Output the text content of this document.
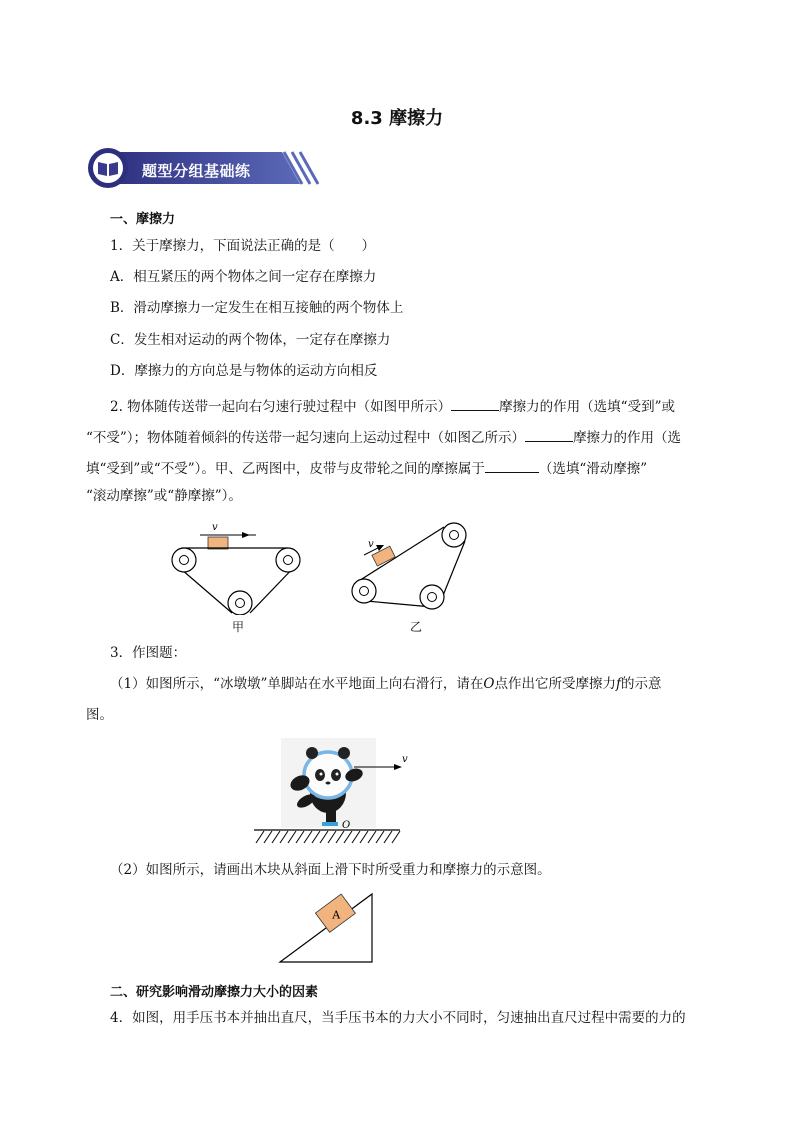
8.3 摩擦力
题型分组基础练
一、摩擦力
1．关于摩擦力，下面说法正确的是（　　）
A．相互紧压的两个物体之间一定存在摩擦力
B．滑动摩擦力一定发生在相互接触的两个物体上
C．发生相对运动的两个物体，一定存在摩擦力
D．摩擦力的方向总是与物体的运动方向相反
2. 物体随传送带一起向右匀速行驶过程中（如图甲所示）	摩擦力的作用（选填“受到”或
“不受”）；物体随着倾斜的传送带一起匀速向上运动过程中（如图乙所示）	摩擦力的作用（选
填“受到”或“不受”）。甲、乙两图中，皮带与皮带轮之间的摩擦属于	（选填“滑动摩擦”
“滚动摩擦”或“静摩擦”）。
v
甲
v
乙
3．作图题：
（1）如图所示，“冰墩墩”单脚站在水平地面上向右滑行，请在O点作出它所受摩擦力f的示意
图。
v
O
（2）如图所示，请画出木块从斜面上滑下时所受重力和摩擦力的示意图。
A
二、研究影响滑动摩擦力大小的因素
4．如图，用手压书本并抽出直尺，当手压书本的力大小不同时，匀速抽出直尺过程中需要的力的
